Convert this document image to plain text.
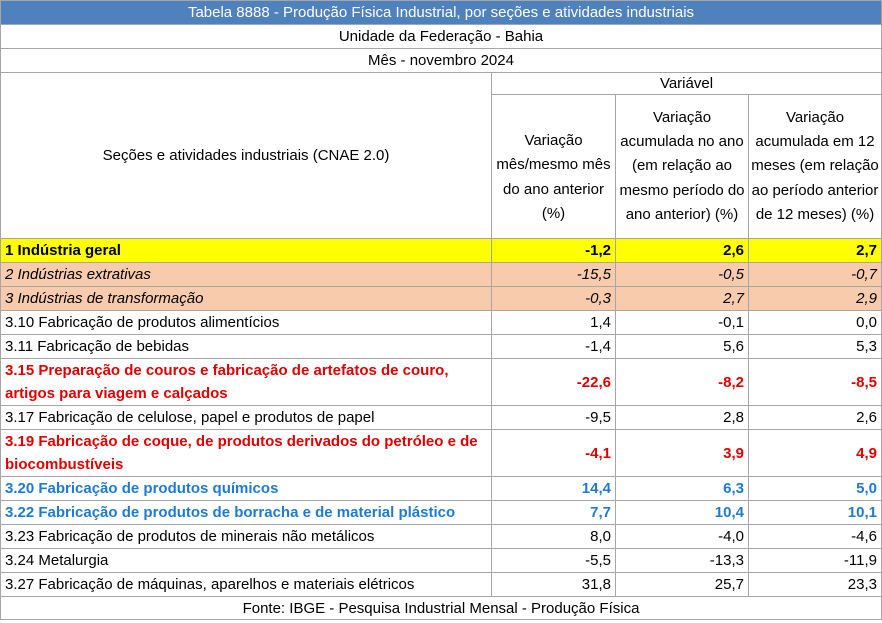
Tabela 8888 - Produção Física Industrial, por seções e atividades industriais			
Unidade da Federação - Bahia			
Mês - novembro 2024			
Seções e atividades industriais (CNAE 2.0)	Variável		
	Variação mês/mesmo mês do ano anterior (%)	Variação acumulada no ano (em relação ao mesmo período do ano anterior) (%)	Variação acumulada em 12 meses (em relação ao período anterior de 12 meses) (%)
1 Indústria geral	-1,2	2,6	2,7
2 Indústrias extrativas	-15,5	-0,5	-0,7
3 Indústrias de transformação	-0,3	2,7	2,9
3.10 Fabricação de produtos alimentícios	1,4	-0,1	0,0
3.11 Fabricação de bebidas	-1,4	5,6	5,3
3.15 Preparação de couros e fabricação de artefatos de couro, artigos para viagem e calçados	-22,6	-8,2	-8,5
3.17 Fabricação de celulose, papel e produtos de papel	-9,5	2,8	2,6
3.19 Fabricação de coque, de produtos derivados do petróleo e de biocombustíveis	-4,1	3,9	4,9
3.20 Fabricação de produtos químicos	14,4	6,3	5,0
3.22 Fabricação de produtos de borracha e de material plástico	7,7	10,4	10,1
3.23 Fabricação de produtos de minerais não metálicos	8,0	-4,0	-4,6
3.24 Metalurgia	-5,5	-13,3	-11,9
3.27 Fabricação de máquinas, aparelhos e materiais elétricos	31,8	25,7	23,3
Fonte: IBGE - Pesquisa Industrial Mensal - Produção Física			
